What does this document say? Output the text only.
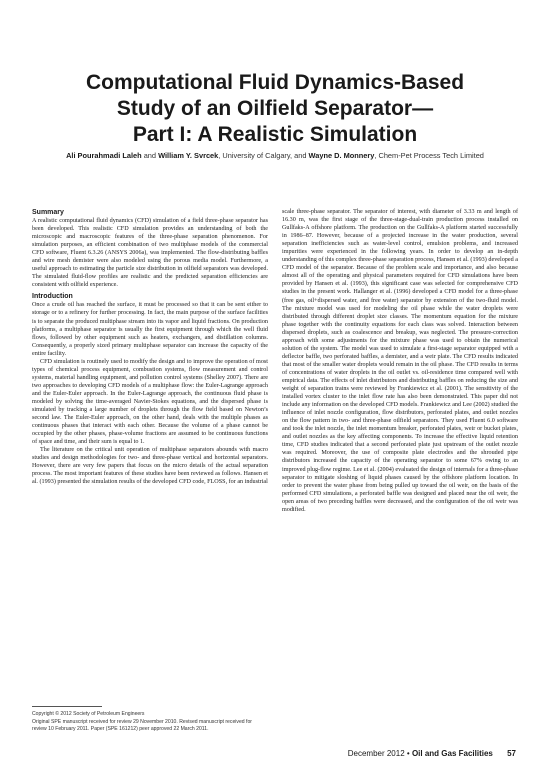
Computational Fluid Dynamics-Based
Study of an Oilfield Separator—
Part I: A Realistic Simulation
Ali Pourahmadi Laleh and William Y. Svrcek, University of Calgary, and Wayne D. Monnery, Chem-Pet Process Tech Limited
Summary

A realistic computational fluid dynamics (CFD) simulation of a field three-phase separator has been developed. This realistic CFD simulation provides an understanding of both the microscopic and macroscopic features of the three-phase separation phenomenon. For simulation purposes, an efficient combination of two multiphase models of the commercial CFD software, Fluent 6.3.26 (ANSYS 2006a), was implemented. The flow-distributing baffles and wire mesh demister were also modeled using the porous media model. Furthermore, a useful approach to estimating the particle size distribution in oilfield separators was developed. The simulated fluid-flow profiles are realistic and the predicted separation efficiencies are consistent with oilfield experience.

Introduction

Once a crude oil has reached the surface, it must be processed so that it can be sent either to storage or to a refinery for further processing. In fact, the main purpose of the surface facilities is to separate the produced multiphase stream into its vapor and liquid fractions. On production platforms, a multiphase separator is usually the first equipment through which the well fluid flows, followed by other equipment such as heaters, exchangers, and distillation columns. Consequently, a properly sized primary multiphase separator can increase the capacity of the entire facility.

CFD simulation is routinely used to modify the design and to improve the operation of most types of chemical process equipment, combustion systems, flow measurement and control systems, material handling equipment, and pollution control systems (Shelley 2007). There are two approaches to developing CFD models of a multiphase flow: the Euler-Lagrange approach and the Euler-Euler approach. In the Euler-Lagrange approach, the continuous fluid phase is modeled by solving the time-averaged Navier-Stokes equations, and the dispersed phase is simulated by tracking a large number of droplets through the flow field based on Newton’s second law. The Euler-Euler approach, on the other hand, deals with the multiple phases as continuous phases that interact with each other. Because the volume of a phase cannot be occupied by the other phases, phase-volume fractions are assumed to be continuous functions of space and time, and their sum is equal to 1.

The literature on the critical unit operation of multiphase separators abounds with macro studies and design methodologies for two- and three-phase vertical and horizontal separators. However, there are very few papers that focus on the micro details of the actual separation process. The most important features of these studies have been reviewed as follows. Hansen et al. (1993) presented the simulation results of the developed CFD code, FLOSS, for an industrial

scale three-phase separator. The separator of interest, with diameter of 3.33 m and length of 16.30 m, was the first stage of the three-stage-dual-train production process installed on Gullfaks-A offshore platform. The production on the Gullfaks-A platform started successfully in 1986–87. However, because of a projected increase in the water production, several separation inefficiencies such as water-level control, emulsion problems, and increased impurities were experienced in the following years. In order to develop an in-depth understanding of this complex three-phase separation process, Hansen et al. (1993) developed a CFD model of the separator. Because of the problem scale and importance, and also because almost all of the operating and physical parameters required for CFD simulations have been provided by Hansen et al. (1993), this significant case was selected for comprehensive CFD studies in the present work. Hallanger et al. (1996) developed a CFD model for a three-phase (free gas, oil+dispersed water, and free water) separator by extension of the two-fluid model. The mixture model was used for modeling the oil phase while the water droplets were distributed through different droplet size classes. The momentum equation for the mixture phase together with the continuity equations for each class was solved. Interaction between dispersed droplets, such as coalescence and breakup, was neglected. The pressure-correction approach with some adjustments for the mixture phase was used to obtain the numerical solution of the system. The model was used to simulate a first-stage separator equipped with a deflector baffle, two perforated baffles, a demister, and a weir plate. The CFD results indicated that most of the smaller water droplets would remain in the oil phase. The CFD results in terms of concentrations of water droplets in the oil outlet vs. oil-residence time compared well with empirical data. The effects of inlet distributors and distributing baffles on reducing the size and weight of separation trains were reviewed by Frankiewicz et al. (2001). The sensitivity of the installed vortex cluster to the inlet flow rate has also been demonstrated. This paper did not include any information on the developed CFD models. Frankiewicz and Lee (2002) studied the influence of inlet nozzle configuration, flow distributors, perforated plates, and outlet nozzles on the flow pattern in two- and three-phase oilfield separators. They used Fluent 6.0 software and took the inlet nozzle, the inlet momentum breaker, perforated plates, weir or bucket plates, and outlet nozzles as the key affecting components. To increase the effective liquid retention time, CFD studies indicated that a second perforated plate just upstream of the outlet nozzle was required. Moreover, the use of composite plate electrodes and the shrouded pipe distributors increased the capacity of the operating separator to some 67% owing to an improved plug-flow regime. Lee et al. (2004) evaluated the design of internals for a three-phase separator to mitigate sloshing of liquid phases caused by the offshore platform location. In order to prevent the water phase from being pulled up toward the oil weir, on the basis of the performed CFD simulations, a perforated baffle was designed and placed near the oil weir, the open areas of two preceding baffles were decreased, and the configuration of the oil weir was modified.

Copyright © 2012 Society of Petroleum Engineers

Original SPE manuscript received for review 29 November 2010. Revised manuscript received for review 10 February 2011. Paper (SPE 161212) peer approved 22 March 2011.

December 2012 • Oil and Gas Facilities 57
